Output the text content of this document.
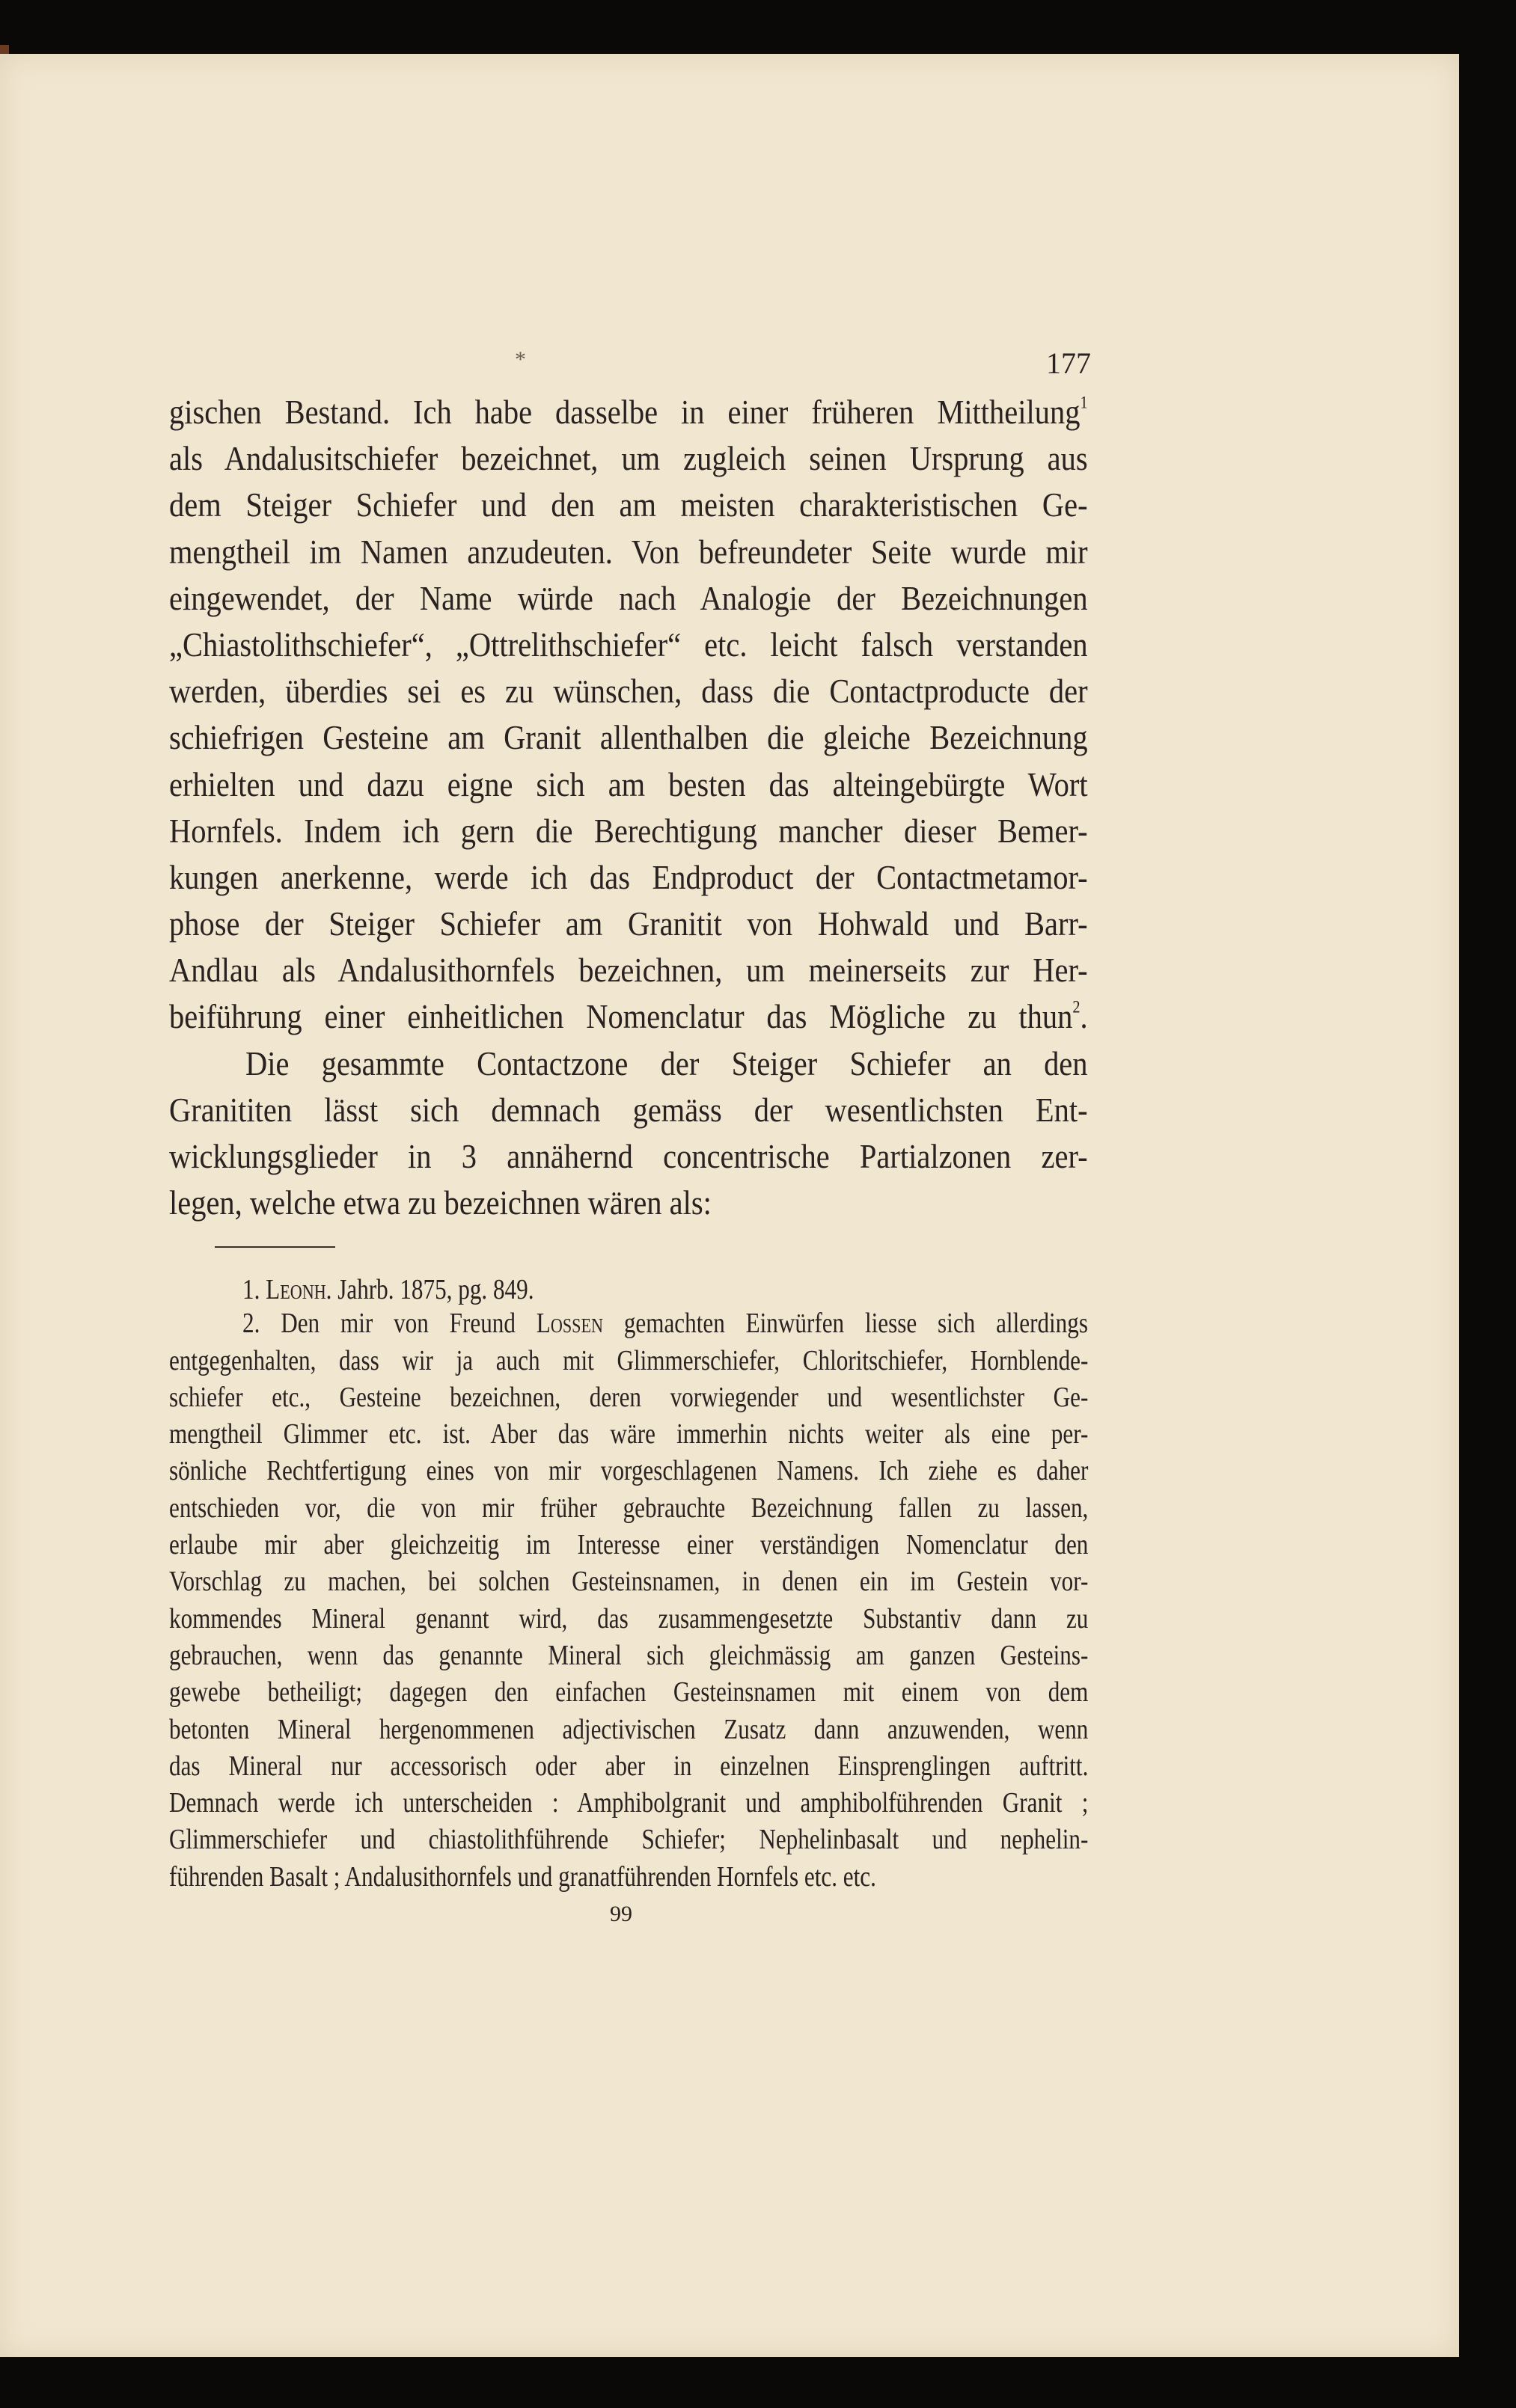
*	177
gischen Bestand. Ich habe dasselbe in einer früheren Mittheilung$^1$
als Andalusitschiefer bezeichnet, um zugleich seinen Ursprung aus
dem Steiger Schiefer und den am meisten charakteristischen Ge-
mengtheil im Namen anzudeuten. Von befreundeter Seite wurde mir
eingewendet, der Name würde nach Analogie der Bezeichnungen
„Chiastolithschiefer“, „Ottrelithschiefer“ etc. leicht falsch verstanden
werden, überdies sei es zu wünschen, dass die Contactproducte der
schiefrigen Gesteine am Granit allenthalben die gleiche Bezeichnung
erhielten und dazu eigne sich am besten das alteingebürgte Wort
Hornfels. Indem ich gern die Berechtigung mancher dieser Bemer-
kungen anerkenne, werde ich das Endproduct der Contactmetamor-
phose der Steiger Schiefer am Granitit von Hohwald und Barr-
Andlau als Andalusithornfels bezeichnen, um meinerseits zur Her-
beiführung einer einheitlichen Nomenclatur das Mögliche zu thun$^2$.
Die gesammte Contactzone der Steiger Schiefer an den
Granititen lässt sich demnach gemäss der wesentlichsten Ent-
wicklungsglieder in 3 annähernd concentrische Partialzonen zer-
legen, welche etwa zu bezeichnen wären als:
1. Leonh. Jahrb. 1875, pg. 849.
2. Den mir von Freund Lossen gemachten Einwürfen liesse sich allerdings
entgegenhalten, dass wir ja auch mit Glimmerschiefer, Chloritschiefer, Hornblende-
schiefer etc., Gesteine bezeichnen, deren vorwiegender und wesentlichster Ge-
mengtheil Glimmer etc. ist. Aber das wäre immerhin nichts weiter als eine per-
sönliche Rechtfertigung eines von mir vorgeschlagenen Namens. Ich ziehe es daher
entschieden vor, die von mir früher gebrauchte Bezeichnung fallen zu lassen,
erlaube mir aber gleichzeitig im Interesse einer verständigen Nomenclatur den
Vorschlag zu machen, bei solchen Gesteinsnamen, in denen ein im Gestein vor-
kommendes Mineral genannt wird, das zusammengesetzte Substantiv dann zu
gebrauchen, wenn das genannte Mineral sich gleichmässig am ganzen Gesteins-
gewebe betheiligt; dagegen den einfachen Gesteinsnamen mit einem von dem
betonten Mineral hergenommenen adjectivischen Zusatz dann anzuwenden, wenn
das Mineral nur accessorisch oder aber in einzelnen Einsprenglingen auftritt.
Demnach werde ich unterscheiden : Amphibolgranit und amphibolführenden Granit ;
Glimmerschiefer und chiastolithführende Schiefer; Nephelinbasalt und nephelin-
führenden Basalt ; Andalusithornfels und granatführenden Hornfels etc. etc.
99
